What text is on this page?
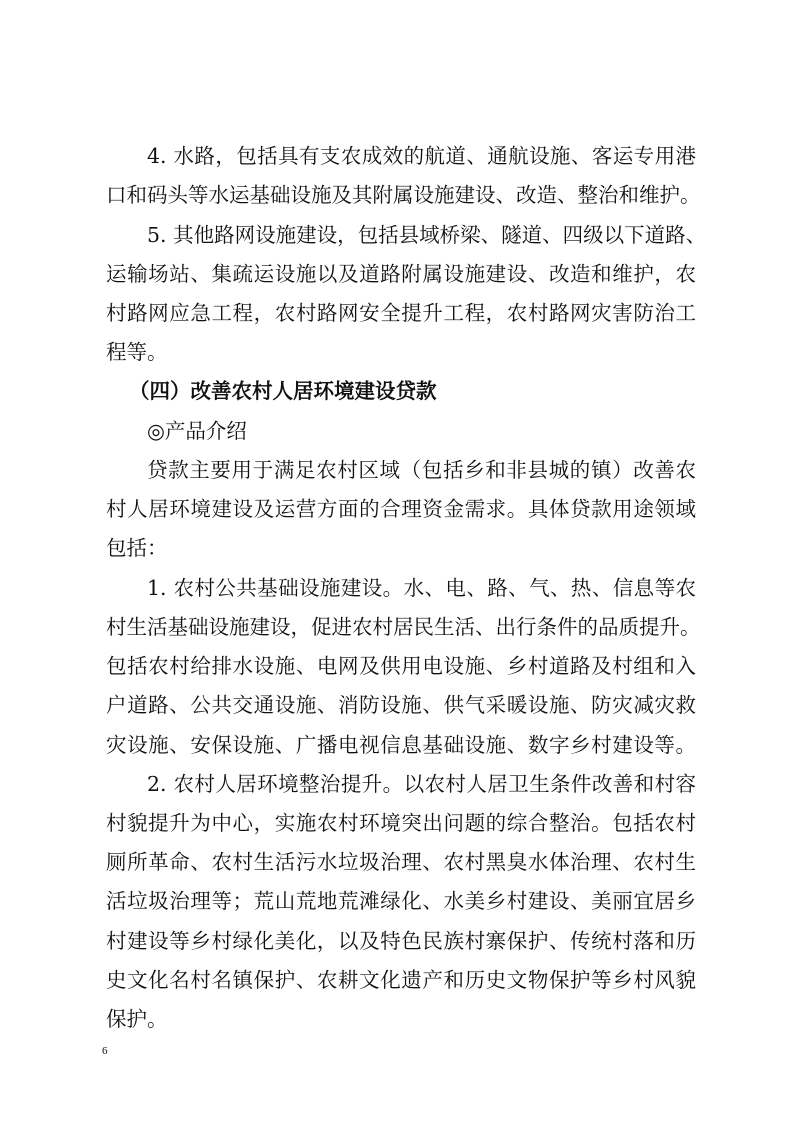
4. 水路，包括具有支农成效的航道、通航设施、客运专用港
口和码头等水运基础设施及其附属设施建设、改造、整治和维护。
5. 其他路网设施建设，包括县域桥梁、隧道、四级以下道路、
运输场站、集疏运设施以及道路附属设施建设、改造和维护，农
村路网应急工程，农村路网安全提升工程，农村路网灾害防治工
程等。
（四）改善农村人居环境建设贷款
◎产品介绍
贷款主要用于满足农村区域（包括乡和非县城的镇）改善农
村人居环境建设及运营方面的合理资金需求。具体贷款用途领域
包括：
1. 农村公共基础设施建设。水、电、路、气、热、信息等农
村生活基础设施建设，促进农村居民生活、出行条件的品质提升。
包括农村给排水设施、电网及供用电设施、乡村道路及村组和入
户道路、公共交通设施、消防设施、供气采暖设施、防灾减灾救
灾设施、安保设施、广播电视信息基础设施、数字乡村建设等。
2. 农村人居环境整治提升。以农村人居卫生条件改善和村容
村貌提升为中心，实施农村环境突出问题的综合整治。包括农村
厕所革命、农村生活污水垃圾治理、农村黑臭水体治理、农村生
活垃圾治理等；荒山荒地荒滩绿化、水美乡村建设、美丽宜居乡
村建设等乡村绿化美化，以及特色民族村寨保护、传统村落和历
史文化名村名镇保护、农耕文化遗产和历史文物保护等乡村风貌
保护。
6
